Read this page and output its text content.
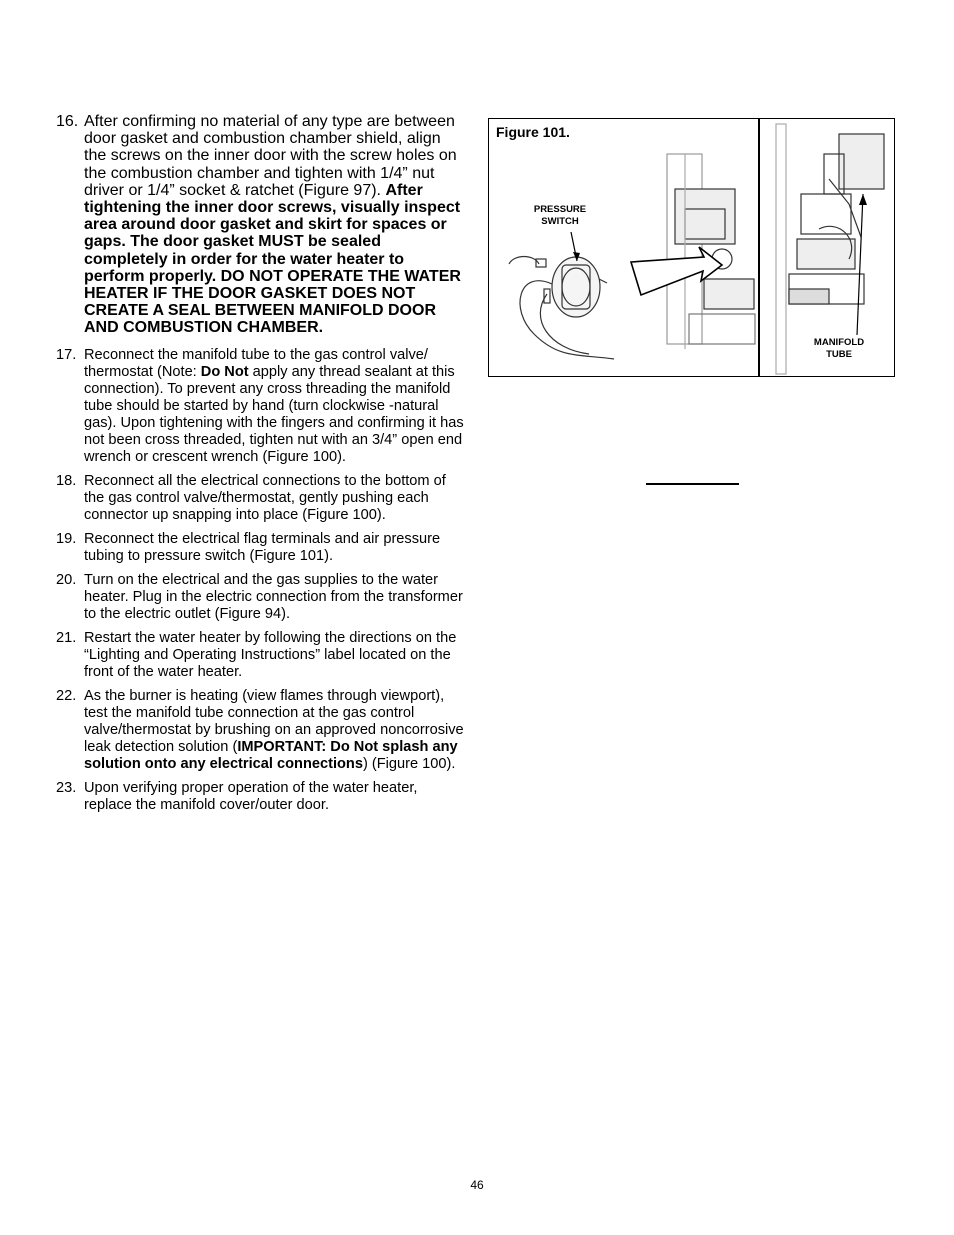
16. After confirming no material of any type are between door gasket and combustion chamber shield, align the screws on the inner door with the screw holes on the combustion chamber and tighten with 1/4” nut driver or 1/4” socket & ratchet (Figure 97). After tightening the inner door screws, visually inspect area around door gasket and skirt for spaces or gaps. The door gasket MUST be sealed completely in order for the water heater to perform properly. DO NOT OPERATE THE WATER HEATER IF THE DOOR GASKET DOES NOT CREATE A SEAL BETWEEN MANIFOLD DOOR AND COMBUSTION CHAMBER.
17. Reconnect the manifold tube to the gas control valve/ thermostat (Note: Do Not apply any thread sealant at this connection). To prevent any cross threading the manifold tube should be started by hand (turn clockwise -natural gas). Upon tightening with the fingers and confirming it has not been cross threaded, tighten nut with an 3/4” open end wrench or crescent wrench (Figure 100).
18. Reconnect all the electrical connections to the bottom of the gas control valve/thermostat, gently pushing each connector up snapping into place (Figure 100).
19. Reconnect the electrical flag terminals and air pressure tubing to pressure switch (Figure 101).
20. Turn on the electrical and the gas supplies to the water heater. Plug in the electric connection from the transformer to the electric outlet (Figure 94).
21. Restart the water heater by following the directions on the “Lighting and Operating Instructions” label located on the front of the water heater.
22. As the burner is heating (view flames through viewport), test the manifold tube connection at the gas control valve/thermostat by brushing on an approved noncorrosive leak detection solution (IMPORTANT: Do Not splash any solution onto any electrical connections) (Figure 100).
23. Upon verifying proper operation of the water heater, replace the manifold cover/outer door.
Figure 101.
PRESSURE
SWITCH
MANIFOLD
TUBE
46
